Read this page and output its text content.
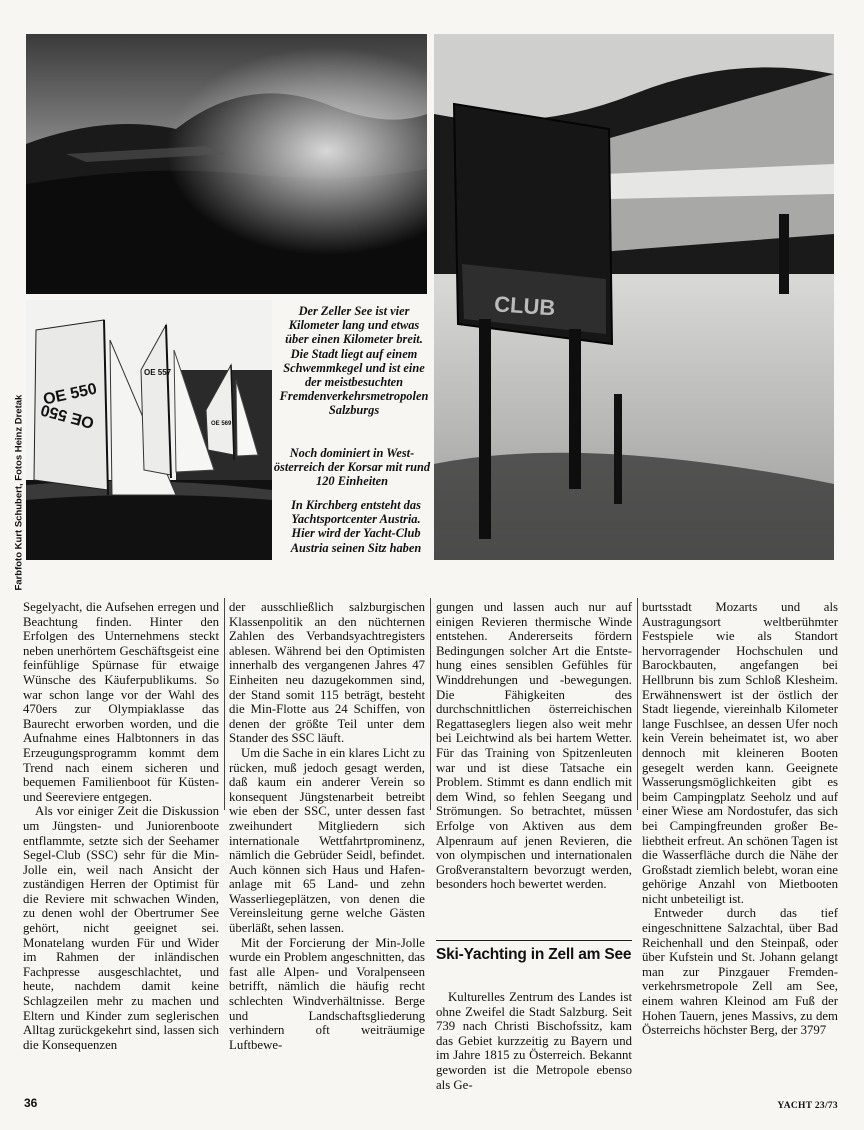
OE 550
OE 550
OE 557
OE 569
CLUB
Farbfoto Kurt Schubert, Fotos Heinz Dretak

Der Zeller See ist vier Kilometer lang und etwas über einen Kilometer breit. Die Stadt liegt auf einem Schwemmkegel und ist eine der meistbesuchten Fremdenverkehrsmetropolen Salzburgs

Noch dominiert in Westösterreich der Korsar mit rund 120 Einheiten

In Kirchberg entsteht das Yachtsportcenter Austria. Hier wird der Yacht-Club Austria seinen Sitz haben

Segelyacht, die Aufsehen erregen und Beachtung finden. Hinter den Erfolgen des Unternehmens steckt neben unerhörtem Geschäftsgeist eine feinfühlige Spürnase für etwaige Wünsche des Käuferpublikums. So war schon lange vor der Wahl des 470ers zur Olympiaklasse das Baurecht erworben worden, und die Aufnahme eines Halbtonners in das Erzeugungsprogramm kommt dem Trend nach einem sicheren und bequemen Familienboot für Küsten- und Seereviere entgegen.

Als vor einiger Zeit die Diskussion um Jüngsten- und Juniorenboote entflammte, setzte sich der Seehamer Segel-Club (SSC) sehr für die Min-Jolle ein, weil nach Ansicht der zuständigen Herren der Optimist für die Reviere mit schwachen Winden, zu denen wohl der Obertrumer See gehört, nicht geeignet sei. Monatelang wurden Für und Wider im Rahmen der inländischen Fachpresse ausgeschlachtet, und heute, nachdem damit keine Schlagzeilen mehr zu machen und Eltern und Kinder zum seglerischen Alltag zurückgekehrt sind, lassen sich die Konsequenzen

der ausschließlich salzburgischen Klassenpolitik an den nüchternen Zahlen des Verbandsyachtregisters ablesen. Während bei den Optimisten innerhalb des vergangenen Jahres 47 Einheiten neu dazugekommen sind, der Stand somit 115 beträgt, besteht die Min-Flotte aus 24 Schiffen, von denen der größte Teil unter dem Stander des SSC läuft.

Um die Sache in ein klares Licht zu rücken, muß jedoch gesagt werden, daß kaum ein anderer Verein so konsequent Jüngstenarbeit betreibt wie eben der SSC, unter dessen fast zweihundert Mitgliedern sich internationale Wettfahrtprominenz, nämlich die Gebrüder Seidl, befindet. Auch können sich Haus und Hafenanlage mit 65 Land- und zehn Wasserliegeplätzen, von denen die Vereinsleitung gerne welche Gästen überläßt, sehen lassen.

Mit der Forcierung der Min-Jolle wurde ein Problem angeschnitten, das fast alle Alpen- und Voralpenseen betrifft, nämlich die häufig recht schlechten Windverhältnisse. Berge und Landschaftsgliederung verhindern oft weiträumige Luftbewe-

gungen und lassen auch nur auf einigen Revieren thermische Winde entstehen. Andererseits fördern Bedingungen solcher Art die Entstehung eines sensiblen Gefühles für Winddrehungen und -bewegungen. Die Fähigkeiten des durchschnittlichen österreichischen Regattaseglers liegen also weit mehr bei Leichtwind als bei hartem Wetter. Für das Training von Spitzenleuten war und ist diese Tatsache ein Problem. Stimmt es dann endlich mit dem Wind, so fehlen Seegang und Strömungen. So betrachtet, müssen Erfolge von Aktiven aus dem Alpenraum auf jenen Revieren, die von olympischen und internationalen Großveranstaltern bevorzugt werden, besonders hoch bewertet werden.

Ski-Yachting in Zell am See

Kulturelles Zentrum des Landes ist ohne Zweifel die Stadt Salzburg. Seit 739 nach Christi Bischofssitz, kam das Gebiet kurzzeitig zu Bayern und im Jahre 1815 zu Österreich. Bekannt geworden ist die Metropole ebenso als Ge-

burtsstadt Mozarts und als Austragungsort weltberühmter Festspiele wie als Standort hervorragender Hochschulen und Barockbauten, angefangen bei Hellbrunn bis zum Schloß Klesheim. Erwähnenswert ist der östlich der Stadt liegende, viereinhalb Kilometer lange Fuschlsee, an dessen Ufer noch kein Verein beheimatet ist, wo aber dennoch mit kleineren Booten gesegelt werden kann. Geeignete Wasserungsmöglichkeiten gibt es beim Campingplatz Seeholz und auf einer Wiese am Nordostufer, das sich bei Campingfreunden großer Beliebtheit erfreut. An schönen Tagen ist die Wasserfläche durch die Nähe der Großstadt ziemlich belebt, woran eine gehörige Anzahl von Mietbooten nicht unbeteiligt ist.

Entweder durch das tief eingeschnittene Salzachtal, über Bad Reichenhall und den Steinpaß, oder über Kufstein und St. Johann gelangt man zur Pinzgauer Fremdenverkehrsmetropole Zell am See, einem wahren Kleinod am Fuß der Hohen Tauern, jenes Massivs, zu dem Österreichs höchster Berg, der 3797

36	YACHT 23/73
